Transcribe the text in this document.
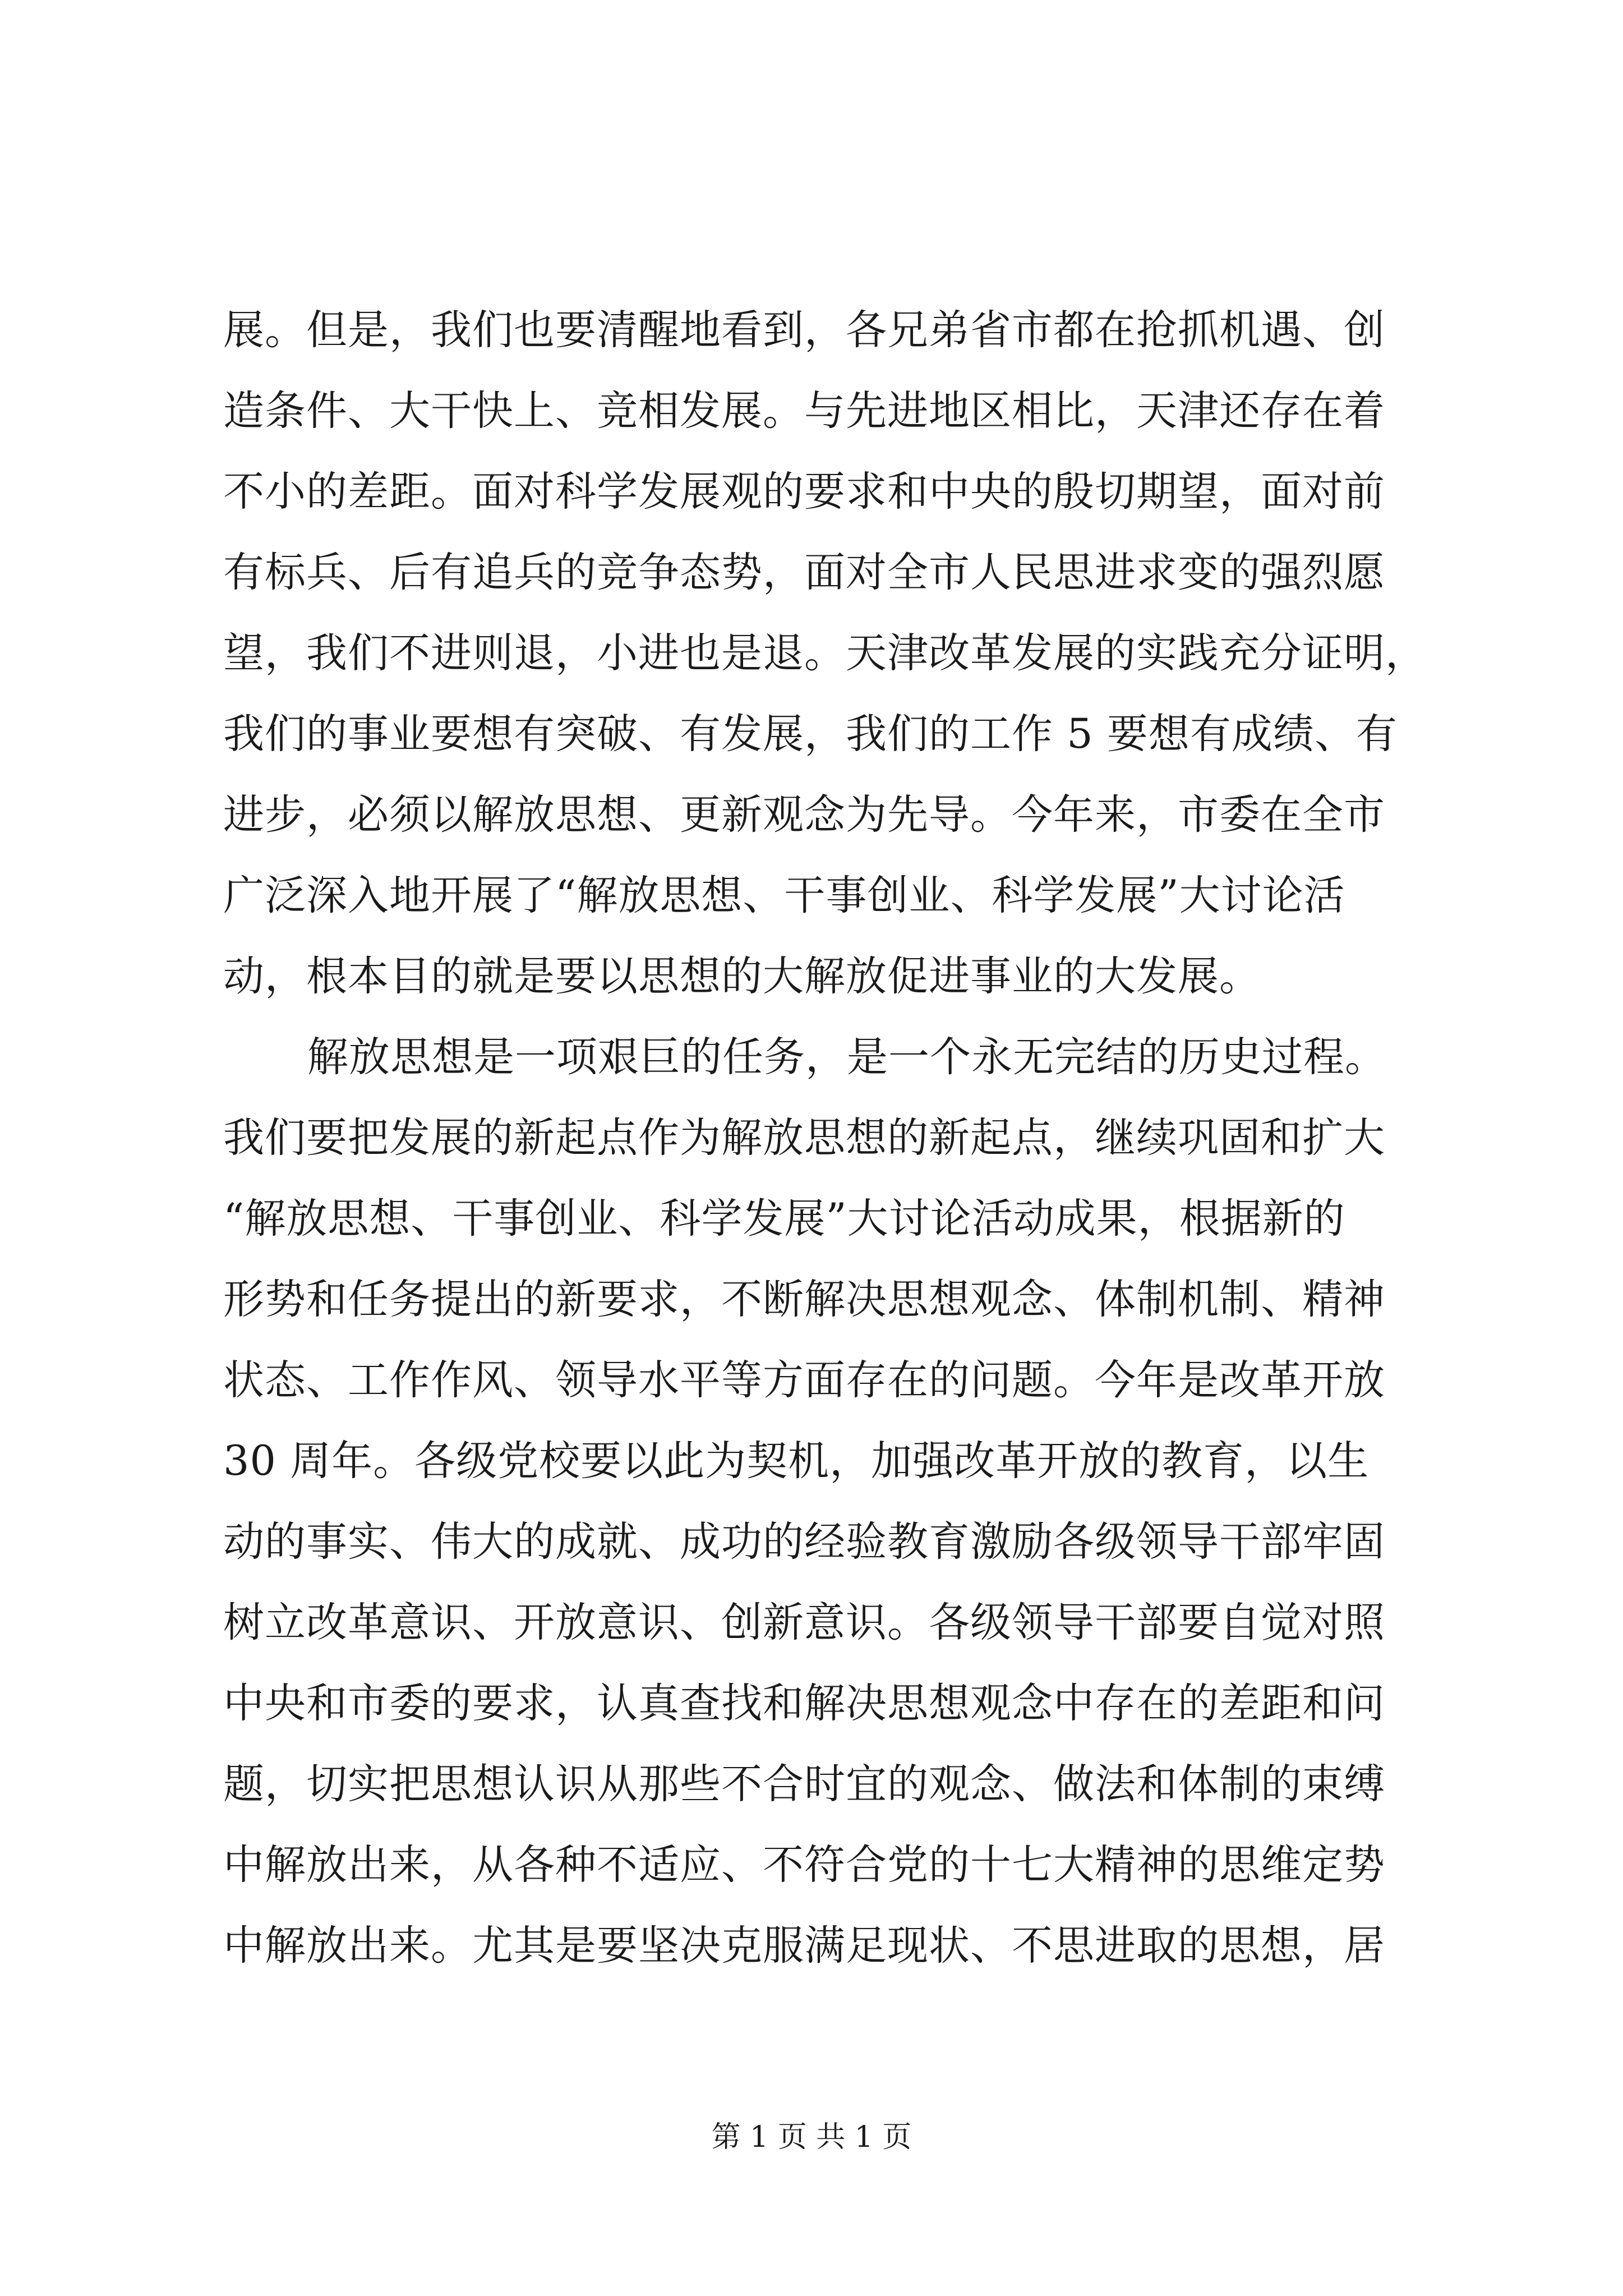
展。但是，我们也要清醒地看到，各兄弟省市都在抢抓机遇、创
造条件、大干快上、竞相发展。与先进地区相比，天津还存在着
不小的差距。面对科学发展观的要求和中央的殷切期望，面对前
有标兵、后有追兵的竞争态势，面对全市人民思进求变的强烈愿
望，我们不进则退，小进也是退。天津改革发展的实践充分证明，
我们的事业要想有突破、有发展，我们的工作 5 要想有成绩、有
进步，必须以解放思想、更新观念为先导。今年来，市委在全市
广泛深入地开展了“解放思想、干事创业、科学发展”大讨论活
动，根本目的就是要以思想的大解放促进事业的大发展。
解放思想是一项艰巨的任务，是一个永无完结的历史过程。
我们要把发展的新起点作为解放思想的新起点，继续巩固和扩大
“解放思想、干事创业、科学发展”大讨论活动成果，根据新的
形势和任务提出的新要求，不断解决思想观念、体制机制、精神
状态、工作作风、领导水平等方面存在的问题。今年是改革开放
30 周年。各级党校要以此为契机，加强改革开放的教育，以生
动的事实、伟大的成就、成功的经验教育激励各级领导干部牢固
树立改革意识、开放意识、创新意识。各级领导干部要自觉对照
中央和市委的要求，认真查找和解决思想观念中存在的差距和问
题，切实把思想认识从那些不合时宜的观念、做法和体制的束缚
中解放出来，从各种不适应、不符合党的十七大精神的思维定势
中解放出来。尤其是要坚决克服满足现状、不思进取的思想，居
第 1 页 共 1 页
